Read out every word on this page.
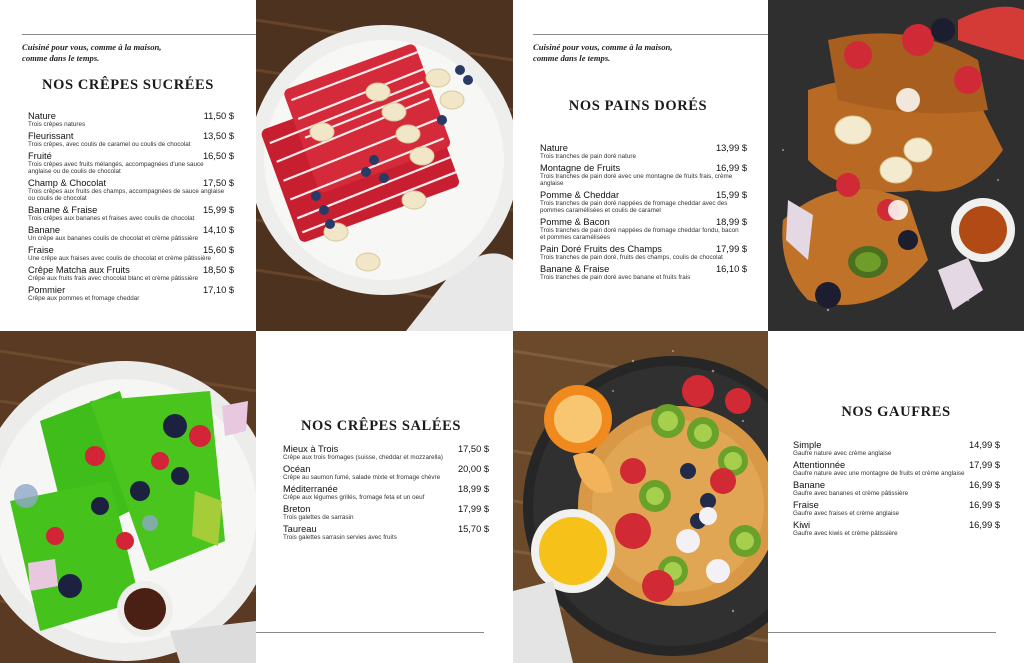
Cuisiné pour vous, comme à la maison,
comme dans le temps.
NOS CRÊPES SUCRÉES
Nature	11,50 $
Trois crêpes natures
Fleurissant	13,50 $
Trois crêpes, avec coulis de caramel ou coulis de chocolat
Fruité	16,50 $
Trois crêpes avec fruits mélangés, accompagnées d'une sauce anglaise ou de coulis de chocolat
Champ & Chocolat	17,50 $
Trois crêpes aux fruits des champs, accompagnées de sauce anglaise ou coulis de chocolat
Banane & Fraise	15,99 $
Trois crêpes aux bananes et fraises avec coulis de chocolat
Banane	14,10 $
Un crêpe aux bananes coulis de chocolat et crème pâtissière
Fraise	15,60 $
Une crêpe aux fraises avec coulis de chocolat et crème pâtissière
Crêpe Matcha aux Fruits	18,50 $
Crêpe aux fruits frais avec chocolat blanc et crème pâtissière
Pommier	17,10 $
Crêpe aux pommes et fromage cheddar
Cuisiné pour vous, comme à la maison,
comme dans le temps.
NOS PAINS DORÉS
Nature	13,99 $
Trois tranches de pain doré nature
Montagne de Fruits	16,99 $
Trois tranches de pain doré avec une montagne de fruits frais, crème anglaise
Pomme & Cheddar	15,99 $
Trois tranches de pain doré nappées de fromage cheddar avec des pommes caramélisées et coulis de caramel
Pomme & Bacon	18,99 $
Trois tranches de pain doré nappées de fromage cheddar fondu, bacon et pommes caramélisées
Pain Doré Fruits des Champs	17,99 $
Trois tranches de pain doré, fruits des champs, coulis de chocolat
Banane & Fraise	16,10 $
Trois tranches de pain doré avec banane et fruits frais
NOS CRÊPES SALÉES
Mieux à Trois	17,50 $
Crêpe aux trois fromages (suisse, cheddar et mozzarella)
Océan	20,00 $
Crêpe au saumon fumé, salade mixte et fromage chèvre
Méditerranée	18,99 $
Crêpe aux légumes grillés, fromage feta et un oeuf
Breton	17,99 $
Trois galettes de sarrasin
Taureau	15,70 $
Trois galettes sarrasin servies avec fruits
NOS GAUFRES
Simple	14,99 $
Gaufre nature avec crème anglaise
Attentionnée	17,99 $
Gaufre nature avec une montagne de fruits et crème anglaise
Banane	16,99 $
Gaufre avec bananes et crème pâtissière
Fraise	16,99 $
Gaufre avec fraises et crème anglaise
Kiwi	16,99 $
Gaufre avec kiwis et crème pâtissière
